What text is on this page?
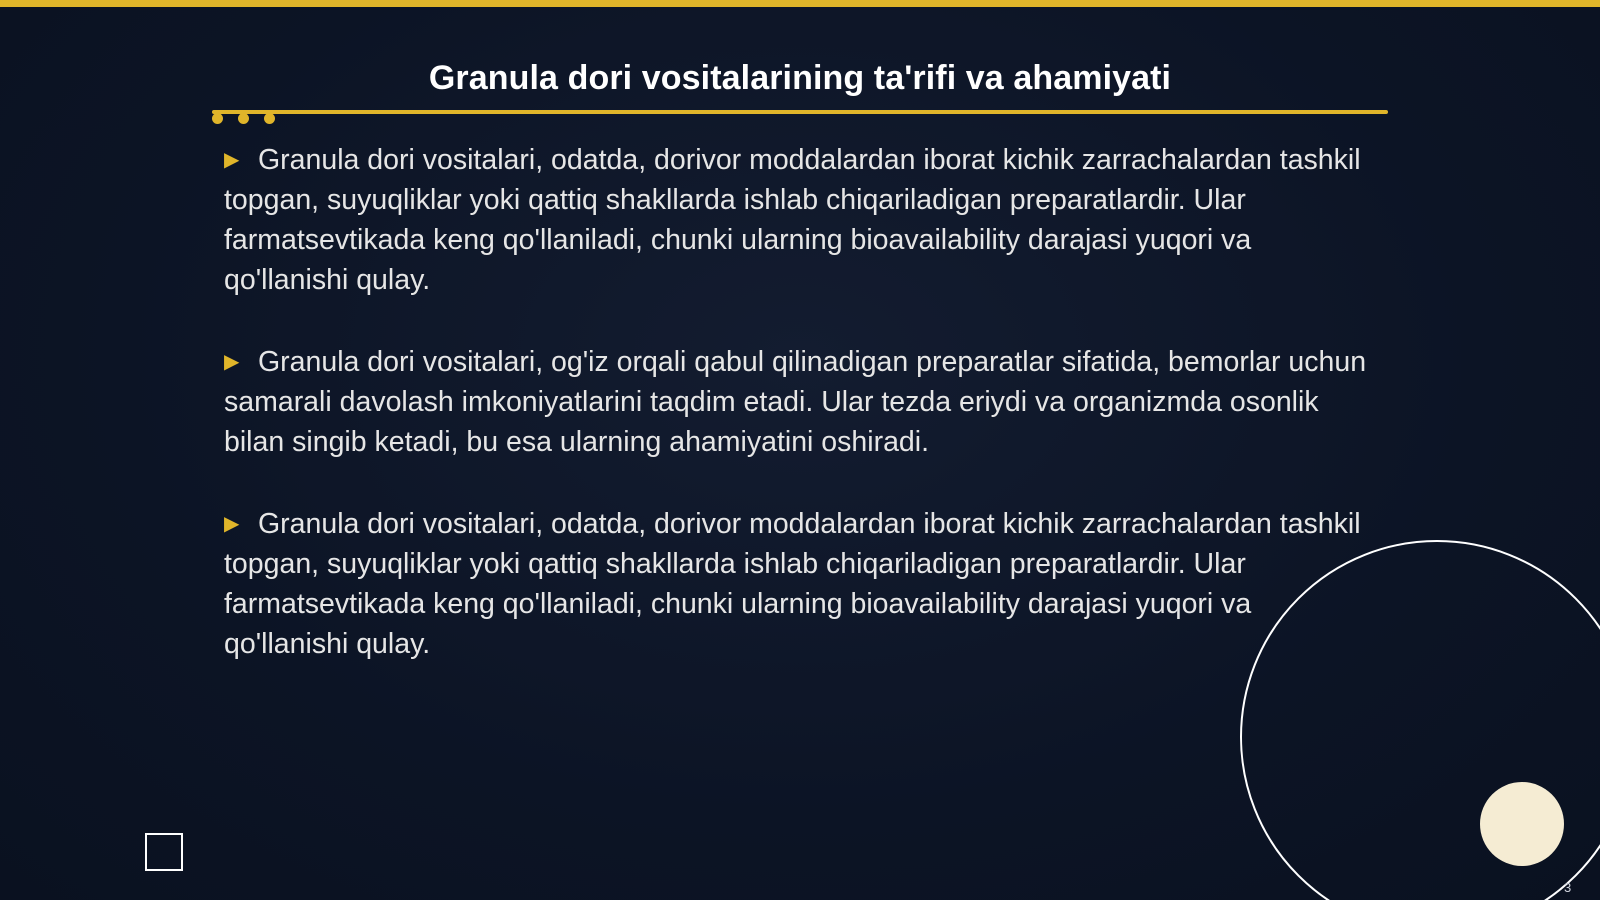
Granula dori vositalarining ta'rifi va ahamiyati

▶ Granula dori vositalari, odatda, dorivor moddalardan iborat kichik zarrachalardan tashkil topgan, suyuqliklar yoki qattiq shakllarda ishlab chiqariladigan preparatlardir. Ular farmatsevtikada keng qo'llaniladi, chunki ularning bioavailability darajasi yuqori va qo'llanishi qulay.

▶ Granula dori vositalari, og'iz orqali qabul qilinadigan preparatlar sifatida, bemorlar uchun samarali davolash imkoniyatlarini taqdim etadi. Ular tezda eriydi va organizmda osonlik bilan singib ketadi, bu esa ularning ahamiyatini oshiradi.

▶ Granula dori vositalari, odatda, dorivor moddalardan iborat kichik zarrachalardan tashkil topgan, suyuqliklar yoki qattiq shakllarda ishlab chiqariladigan preparatlardir. Ular farmatsevtikada keng qo'llaniladi, chunki ularning bioavailability darajasi yuqori va qo'llanishi qulay.

3
